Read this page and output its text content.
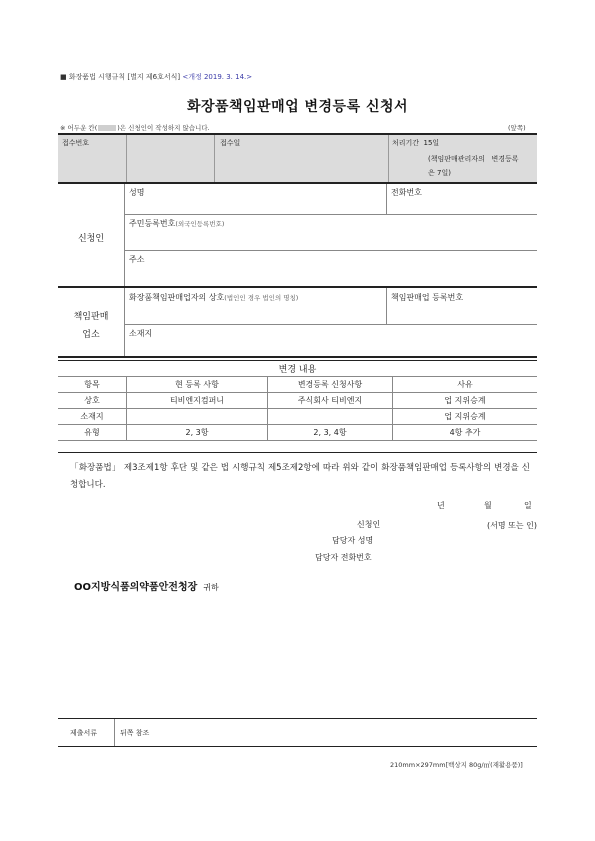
■ 화장품법 시행규칙 [별지 제6호서식] <개정 2019. 3. 14.>
화장품책임판매업 변경등록 신청서
※ 어두운 칸(	)은 신청인이 작성하지 않습니다.	(앞쪽)
접수번호	접수일	처리기간 15일
(책임판매관리자의 변경등록
은 7일)
신청인
성명	전화번호
주민등록번호(외국인등록번호)
주소
책임판매
업소
화장품책임판매업자의 상호(법인인 경우 법인의 명칭)	책임판매업 등록번호
소재지
변경 내용			
항목	현 등록 사항	변경등록 신청사항	사유
상호	티비엔지컴퍼니	주식회사 티비엔지	업 지위승계
소재지			업 지위승계
유형	2, 3항	2, 3, 4항	4항 추가
「화장품법」 제3조제1항 후단 및 같은 법 시행규칙 제5조제2항에 따라 위와 같이 화장품책임판매업 등록사항의 변경을 신청합니다.
년	월	일
신청인	(서명 또는 인)
담당자 성명
담당자 전화번호
OO지방식품의약품안전청장 귀하
제출서류	뒤쪽 참조
210mm×297mm[백상지 80g/㎡(재활용품)]
